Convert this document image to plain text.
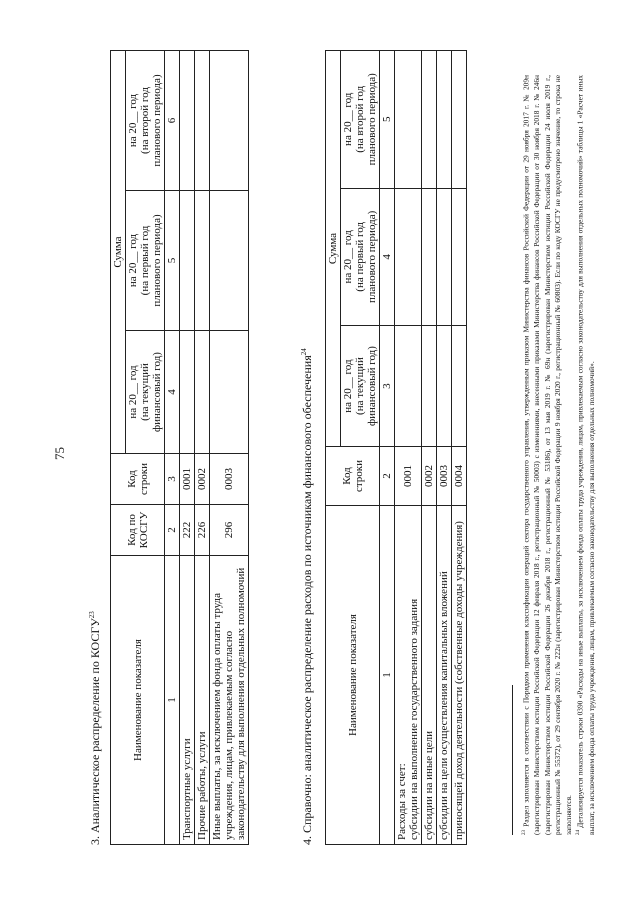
75
3. Аналитическое распределение по КОСГУ$^{23}$
Наименование показателя	Код по КОСГУ	Код строки	Сумма		
			на 20__ год
(на текущий
финансовый год)	на 20__ год
(на первый год
планового периода)	на 20__ год
(на второй год
планового периода)
1	2	3	4	5	6
Транспортные услуги	222	0001			
Прочие работы, услуги	226	0002			
Иные выплаты, за исключением фонда оплаты труда
учреждения, лицам, привлекаемым согласно
законодательству для выполнения отдельных полномочий	296	0003				4. Справочно: аналитическое распределение расходов по источникам финансового обеспечения$^{24}$
Наименование показателя	Код строки	Сумма		
		на 20__ год
(на текущий
финансовый год)	на 20__ год
(на первый год
планового периода)	на 20__ год
(на второй год
планового периода)
1	2	3	4	5
Расходы за счет:
субсидии на выполнение государственного задания	0001			
субсидии на иные цели	0002			
субсидии на цели осуществления капитальных вложений	0003			
приносящей доход деятельности (собственные доходы учреждения)	0004			
$^{23}$ Раздел заполняется в соответствии с Порядком применения классификации операций сектора государственного управления, утвержденным приказом Министерства финансов Российской Федерации от 29 ноября 2017 г. № 209н (зарегистрирован Министерством юстиции Российской Федерации 12 февраля 2018 г., регистрационный № 50003) с изменениями, внесенными приказами Министерства финансов Российской Федерации от 30 ноября 2018 г. № 246н (зарегистрирован Министерством юстиции Российской Федерации 26 декабря 2018 г., регистрационный № 53186), от 13 мая 2019 г. № 69н (зарегистрирован Министерством юстиции Российской Федерации 24 июля 2019 г., регистрационный № 55372), от 29 сентября 2020 г. № 222н (зарегистрирован Министерством юстиции Российской Федерации 9 ноября 2020 г., регистрационный № 60803). Если по коду КОСГУ не предусмотрено значение, то строка не заполняется. $^{24}$ Детализируется показатель строки 0390 «Расходы на иные выплаты, за исключением фонда оплаты труда учреждения, лицам, привлекаемым согласно законодательству для выполнения отдельных полномочий» таблицы 1 «Расчет иных выплат, за исключением фонда оплаты труда учреждения, лицам, привлекаемым согласно законодательству для выполнения отдельных полномочий».
